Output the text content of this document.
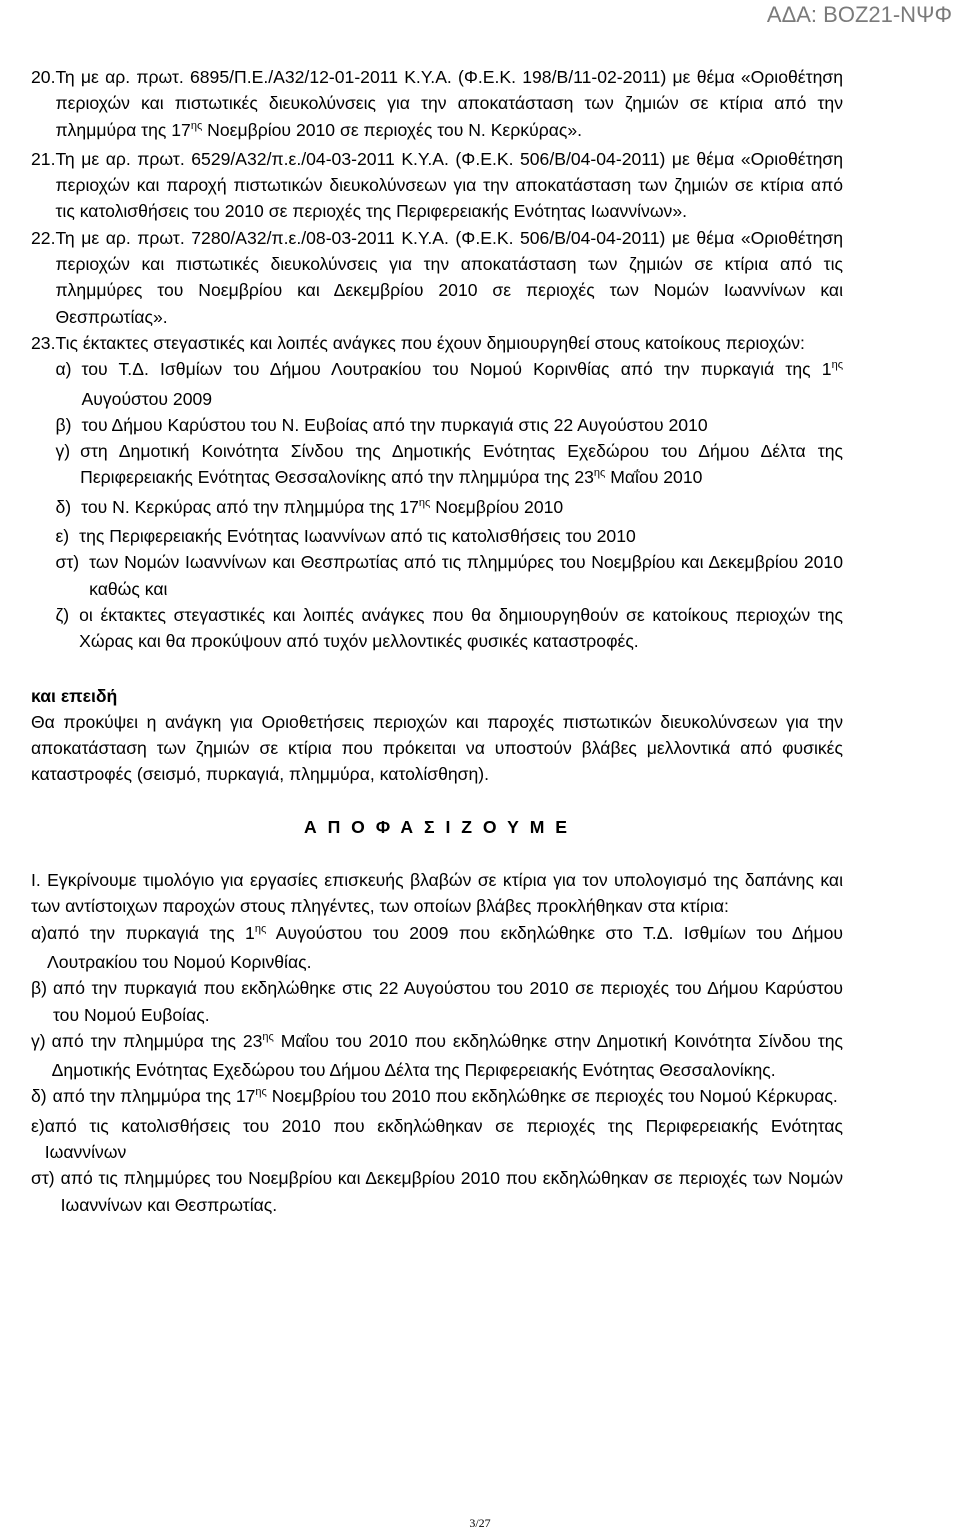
ΑΔΑ: ΒΟΖ21-ΝΨΦ
20. Τη με αρ. πρωτ. 6895/Π.Ε./Α32/12-01-2011 Κ.Υ.Α. (Φ.Ε.Κ. 198/Β/11-02-2011) με θέμα «Οριοθέτηση περιοχών και πιστωτικές διευκολύνσεις για την αποκατάσταση των ζημιών σε κτίρια από την πλημμύρα της $17^{\eta\varsigma}$ Νοεμβρίου 2010 σε περιοχές του Ν. Κερκύρας».
21. Τη με αρ. πρωτ. 6529/Α32/π.ε./04-03-2011 Κ.Υ.Α. (Φ.Ε.Κ. 506/Β/04-04-2011) με θέμα «Οριοθέτηση περιοχών και παροχή πιστωτικών διευκολύνσεων για την αποκατάσταση των ζημιών σε κτίρια από τις κατολισθήσεις του 2010 σε περιοχές της Περιφερειακής Ενότητας Ιωαννίνων».
22. Τη με αρ. πρωτ. 7280/Α32/π.ε./08-03-2011 Κ.Υ.Α. (Φ.Ε.Κ. 506/Β/04-04-2011) με θέμα «Οριοθέτηση περιοχών και πιστωτικές διευκολύνσεις για την αποκατάσταση των ζημιών σε κτίρια από τις πλημμύρες του Νοεμβρίου και Δεκεμβρίου 2010 σε περιοχές των Νομών Ιωαννίνων και Θεσπρωτίας».
23. Τις έκτακτες στεγαστικές και λοιπές ανάγκες που έχουν δημιουργηθεί στους κατοίκους περιοχών:
α) του Τ.Δ. Ισθμίων του Δήμου Λουτρακίου του Νομού Κορινθίας από την πυρκαγιά της $1^{\eta\varsigma}$ Αυγούστου 2009
β) του Δήμου Καρύστου του Ν. Ευβοίας από την πυρκαγιά στις 22 Αυγούστου 2010
γ) στη Δημοτική Κοινότητα Σίνδου της Δημοτικής Ενότητας Εχεδώρου του Δήμου Δέλτα της Περιφερειακής Ενότητας Θεσσαλονίκης από την πλημμύρα της $23^{\eta\varsigma}$ Μαΐου 2010
δ) του Ν. Κερκύρας από την πλημμύρα της $17^{\eta\varsigma}$ Νοεμβρίου 2010
ε) της Περιφερειακής Ενότητας Ιωαννίνων από τις κατολισθήσεις του 2010
στ) των Νομών Ιωαννίνων και Θεσπρωτίας από τις πλημμύρες του Νοεμβρίου και Δεκεμβρίου 2010 καθώς και
ζ) οι έκτακτες στεγαστικές και λοιπές ανάγκες που θα δημιουργηθούν σε κατοίκους περιοχών της Χώρας και θα προκύψουν από τυχόν μελλοντικές φυσικές καταστροφές.
και επειδή
Θα προκύψει η ανάγκη για Οριοθετήσεις περιοχών και παροχές πιστωτικών διευκολύνσεων για την αποκατάσταση των ζημιών σε κτίρια που πρόκειται να υποστούν βλάβες μελλοντικά από φυσικές καταστροφές (σεισμό, πυρκαγιά, πλημμύρα, κατολίσθηση).
Α Π Ο Φ Α Σ Ι Ζ Ο Υ Μ Ε
Ι. Εγκρίνουμε τιμολόγιο για εργασίες επισκευής βλαβών σε κτίρια για τον υπολογισμό της δαπάνης και των αντίστοιχων παροχών στους πληγέντες, των οποίων βλάβες προκλήθηκαν στα κτίρια:
α) από την πυρκαγιά της $1^{\eta\varsigma}$ Αυγούστου του 2009 που εκδηλώθηκε στο Τ.Δ. Ισθμίων του Δήμου Λουτρακίου του Νομού Κορινθίας.
β) από την πυρκαγιά που εκδηλώθηκε στις 22 Αυγούστου του 2010 σε περιοχές του Δήμου Καρύστου του Νομού Ευβοίας.
γ) από την πλημμύρα της $23^{\eta\varsigma}$ Μαΐου του 2010 που εκδηλώθηκε στην Δημοτική Κοινότητα Σίνδου της Δημοτικής Ενότητας Εχεδώρου του Δήμου Δέλτα της Περιφερειακής Ενότητας Θεσσαλονίκης.
δ) από την πλημμύρα της $17^{\eta\varsigma}$ Νοεμβρίου του 2010 που εκδηλώθηκε σε περιοχές του Νομού Κέρκυρας.
ε) από τις κατολισθήσεις του 2010 που εκδηλώθηκαν σε περιοχές της Περιφερειακής Ενότητας Ιωαννίνων
στ) από τις πλημμύρες του Νοεμβρίου και Δεκεμβρίου 2010 που εκδηλώθηκαν σε περιοχές των Νομών Ιωαννίνων και Θεσπρωτίας.
3/27
